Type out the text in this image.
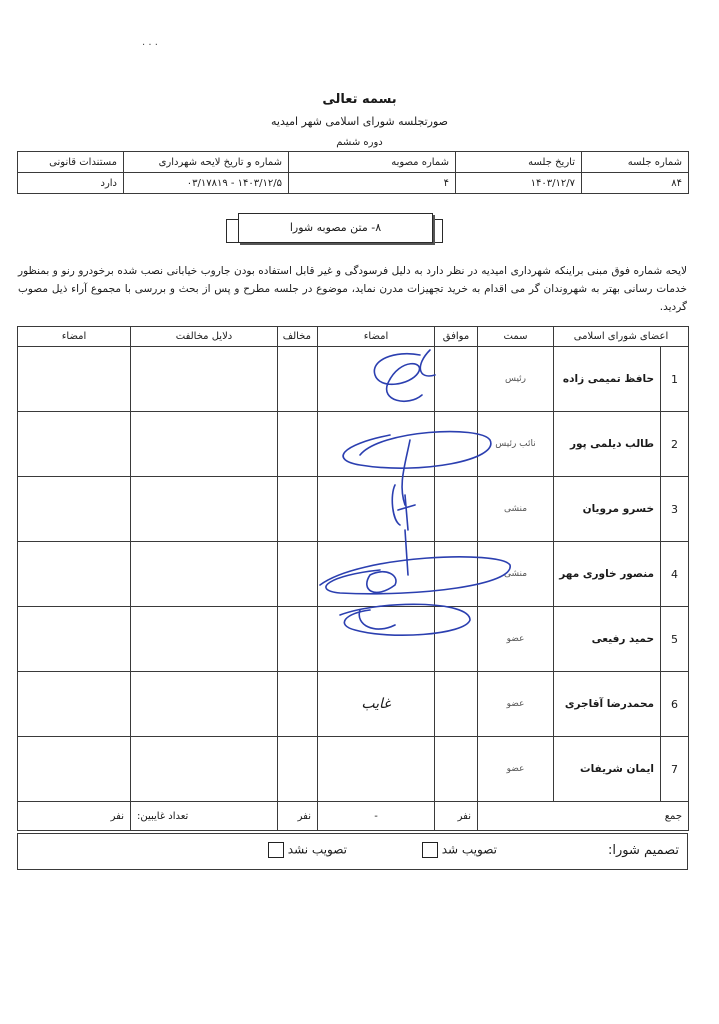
· · ·
بسمه تعالی
صورتجلسه شورای اسلامی شهر امیدیه
دوره ششم
شماره جلسه	تاریخ جلسه	شماره مصوبه	شماره و تاریخ لایحه شهرداری	مستندات قانونی
۸۴	۱۴۰۳/۱۲/۷	۴	۱۴۰۳/۱۲/۵ - ۰۳/۱۷۸۱۹	دارد
۸- متن مصوبه شورا
لایحه شماره فوق مبنی براینکه شهرداری امیدیه در نظر دارد به دلیل فرسودگی و غیر قابل استفاده بودن جاروب خیابانی نصب شده برخودرو رنو و بمنظور خدمات رسانی بهتر به شهروندان گر می اقدام به خرید تجهیزات مدرن نماید، موضوع در جلسه مطرح و پس از بحث و بررسی با مجموع آراء ذیل مصوب گردید.
اعضای شورای اسلامی		سمت	موافق	امضاء	مخالف	دلایل مخالفت	امضاء
1	حافظ تمیمی زاده	رئیس					
2	طالب دیلمی پور	نائب رئیس					
3	خسرو مرویان	منشی					
4	منصور خاوری مهر	منشی					
5	حمید رفیعی	عضو					
6	محمدرضا آقاجری	عضو		غایب			
7	ایمان شریفات	عضو					
جمع			نفر	-	نفر	تعداد غایبین:	نفر
تصمیم شورا:
تصویب شد
تصویب نشد
